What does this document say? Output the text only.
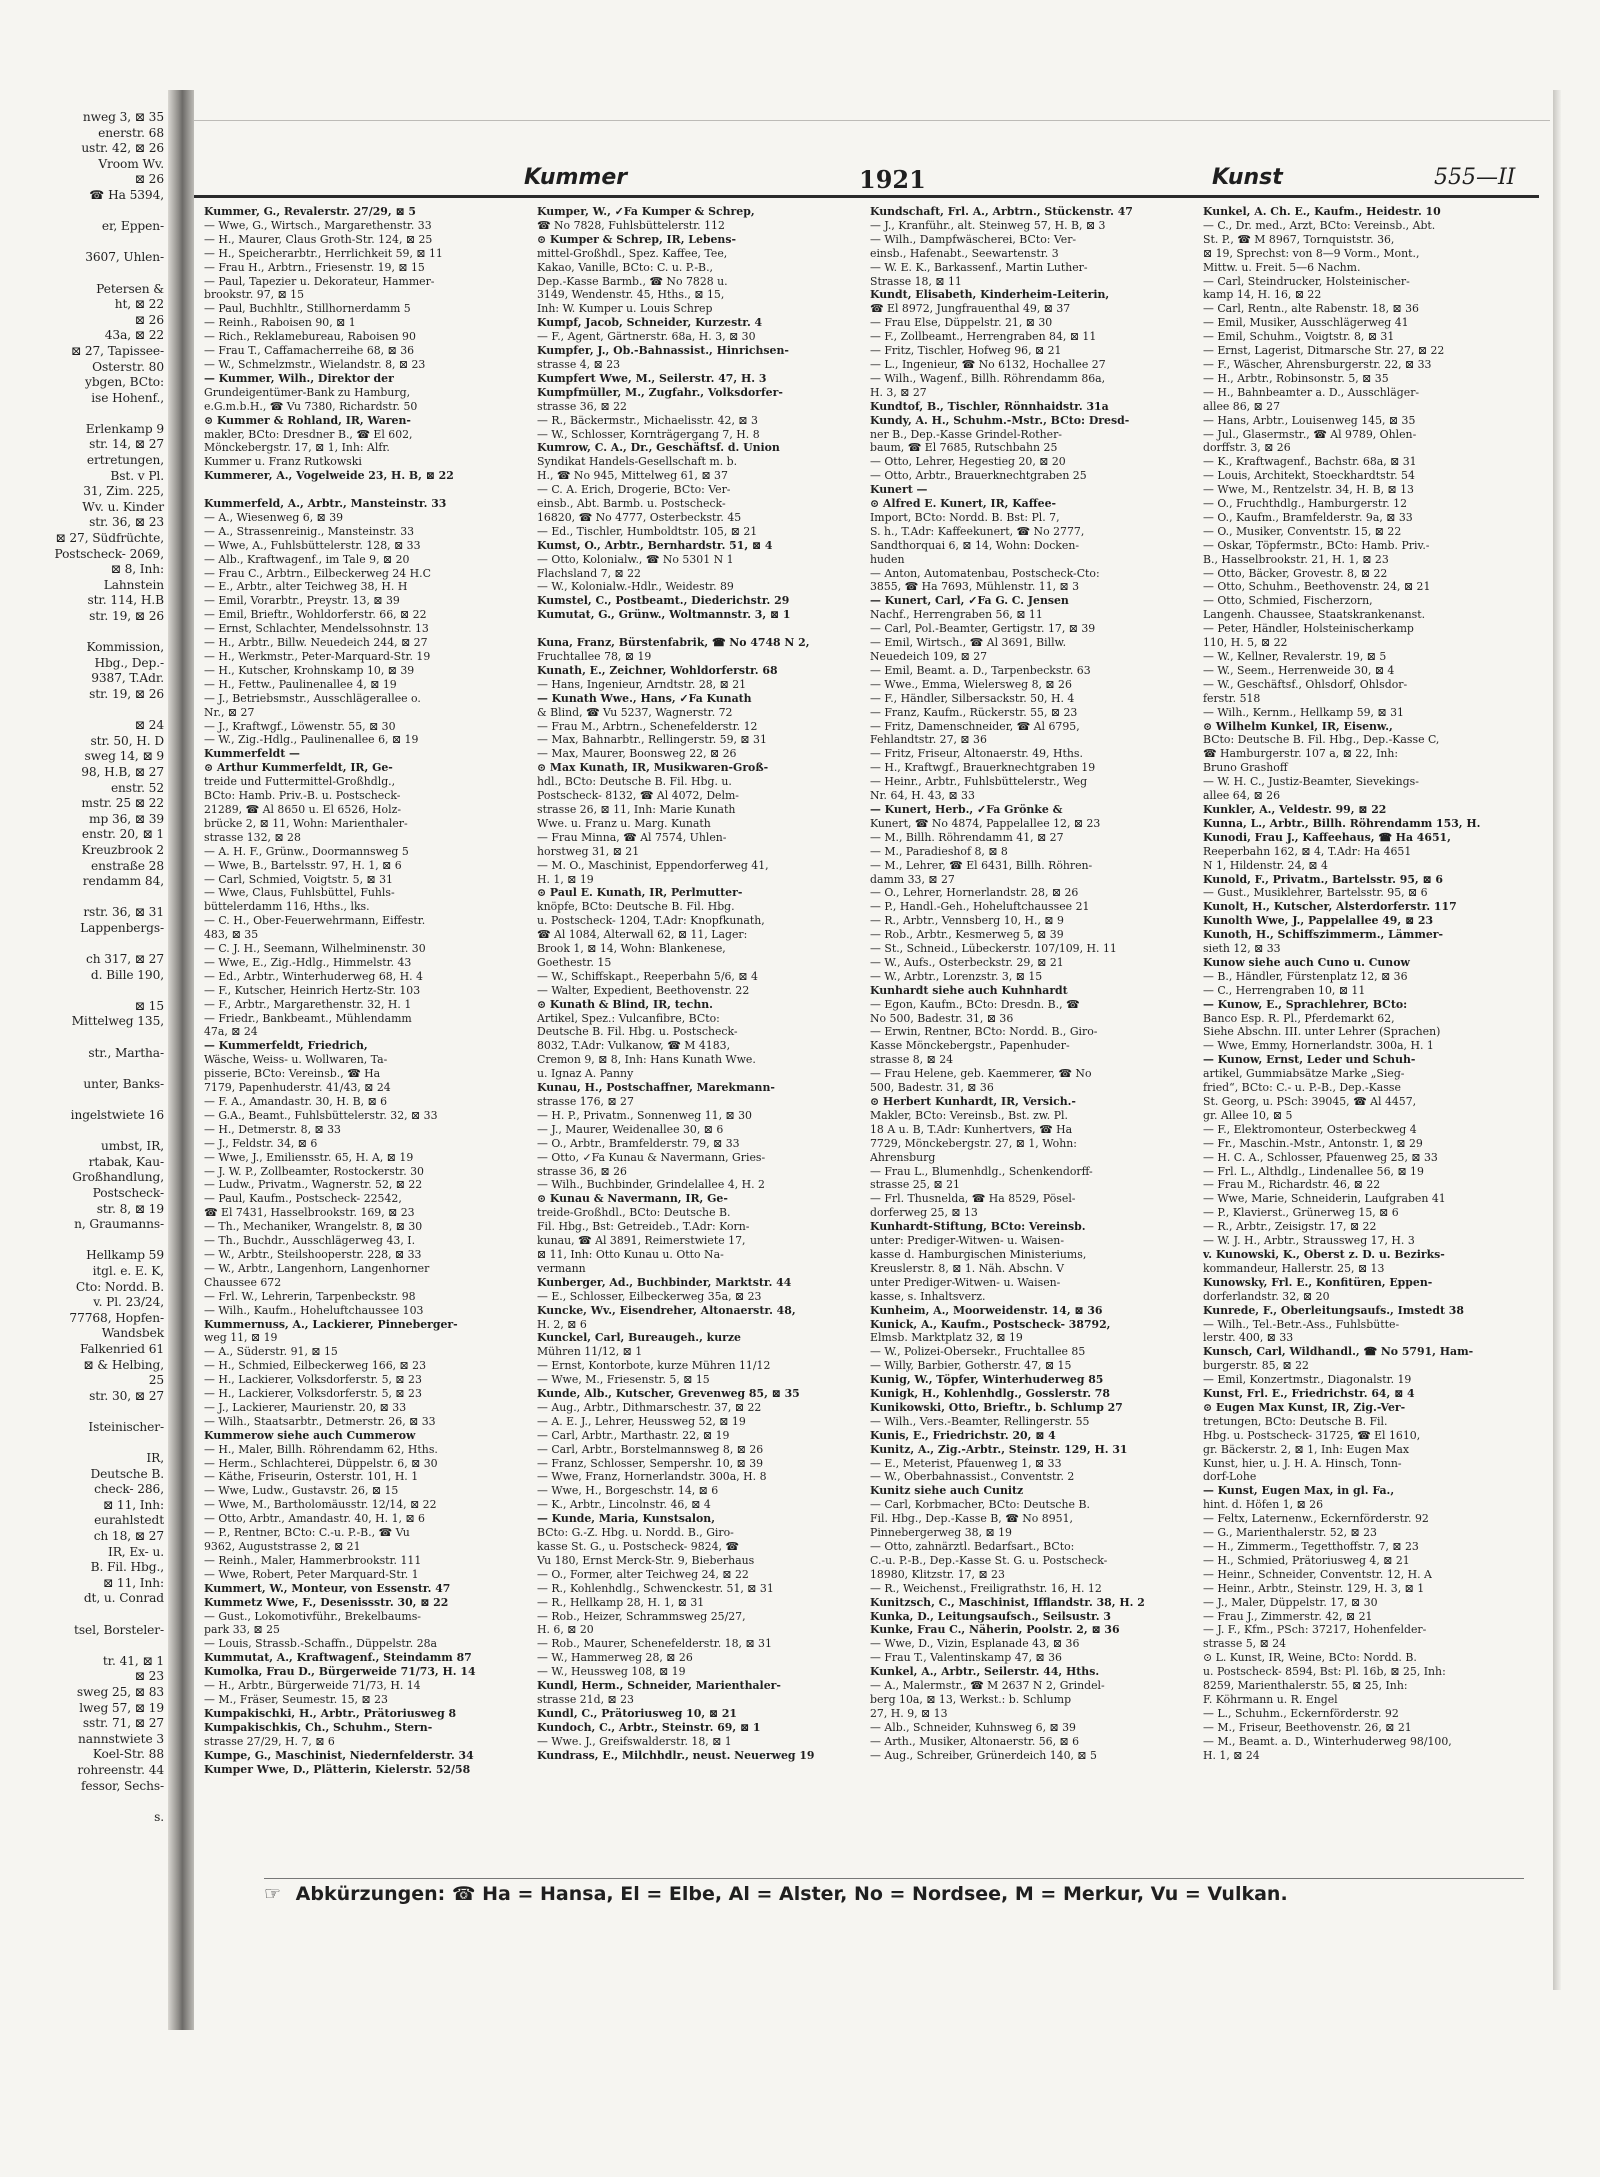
nweg 3, ⊠ 35
enerstr. 68
ustr. 42, ⊠ 26
Vroom Wv.
⊠ 26
☎ Ha 5394,

er, Eppen-

3607, Uhlen-

Petersen &
ht, ⊠ 22
⊠ 26
43a, ⊠ 22
⊠ 27, Tapissee-
Osterstr. 80
ybgen, BCto:
ise Hohenf.,

Erlenkamp 9
str. 14, ⊠ 27
ertretungen,
Bst. v Pl.
31, Zim. 225,
Wv. u. Kinder
str. 36, ⊠ 23
⊠ 27, Südfrüchte,
Postscheck- 2069,
⊠ 8, Inh:
Lahnstein
str. 114, H.B
str. 19, ⊠ 26

Kommission,
Hbg., Dep.-
9387, T.Adr.
str. 19, ⊠ 26

⊠ 24
str. 50, H. D
sweg 14, ⊠ 9
98, H.B, ⊠ 27
enstr. 52
mstr. 25 ⊠ 22
mp 36, ⊠ 39
enstr. 20, ⊠ 1
Kreuzbrook 2
enstraße 28
rendamm 84,

rstr. 36, ⊠ 31
Lappenbergs-

ch 317, ⊠ 27
d. Bille 190,

⊠ 15
Mittelweg 135,

str., Martha-

unter, Banks-

ingelstwiete 16

umbst, IR,
rtabak, Kau-
Großhandlung,
Postscheck-
str. 8, ⊠ 19
n, Graumanns-

Hellkamp 59
itgl. e. E. K,
Cto: Nordd. B.
v. Pl. 23/24,
77768, Hopfen-
Wandsbek
Falkenried 61
⊠ & Helbing,
25
str. 30, ⊠ 27

Isteinischer-

IR,
Deutsche B.
check- 286,
⊠ 11, Inh:
eurahlstedt
ch 18, ⊠ 27
IR, Ex- u.
B. Fil. Hbg.,
⊠ 11, Inh:
dt, u. Conrad

tsel, Borsteler-

tr. 41, ⊠ 1
⊠ 23
sweg 25, ⊠ 83
lweg 57, ⊠ 19
sstr. 71, ⊠ 27
nannstwiete 3
Koel-Str. 88
rohreenstr. 44
fessor, Sechs-

s.
Kummer	1921	Kunst	555—II
Kummer, G., Revalerstr. 27/29, ⊠ 5
— Wwe, G., Wirtsch., Margarethenstr. 33
— H., Maurer, Claus Groth-Str. 124, ⊠ 25
— H., Speicherarbtr., Herrlichkeit 59, ⊠ 11
— Frau H., Arbtrn., Friesenstr. 19, ⊠ 15
— Paul, Tapezier u. Dekorateur, Hammer-
brookstr. 97, ⊠ 15
— Paul, Buchhltr., Stillhornerdamm 5
— Reinh., Raboisen 90, ⊠ 1
— Rich., Reklamebureau, Raboisen 90
— Frau T., Caffamacherreihe 68, ⊠ 36
— W., Schmelzmstr., Wielandstr. 8, ⊠ 23
— Kummer, Wilh., Direktor der
Grundeigentümer-Bank zu Hamburg,
e.G.m.b.H., ☎ Vu 7380, Richardstr. 50
⊙ Kummer & Rohland, IR, Waren-
makler, BCto: Dresdner B., ☎ El 602,
Mönckebergstr. 17, ⊠ 1, Inh: Alfr.
Kummer u. Franz Rutkowski
Kummerer, A., Vogelweide 23, H. B, ⊠ 22

Kummerfeld, A., Arbtr., Mansteinstr. 33
— A., Wiesenweg 6, ⊠ 39
— A., Strassenreinig., Mansteinstr. 33
— Wwe, A., Fuhlsbüttelerstr. 128, ⊠ 33
— Alb., Kraftwagenf., im Tale 9, ⊠ 20
— Frau C., Arbtrn., Eilbeckerweg 24 H.C
— E., Arbtr., alter Teichweg 38, H. H
— Emil, Vorarbtr., Preystr. 13, ⊠ 39
— Emil, Brieftr., Wohldorferstr. 66, ⊠ 22
— Ernst, Schlachter, Mendelssohnstr. 13
— H., Arbtr., Billw. Neuedeich 244, ⊠ 27
— H., Werkmstr., Peter-Marquard-Str. 19
— H., Kutscher, Krohnskamp 10, ⊠ 39
— H., Fettw., Paulinenallee 4, ⊠ 19
— J., Betriebsmstr., Ausschlägerallee o.
Nr., ⊠ 27
— J., Kraftwgf., Löwenstr. 55, ⊠ 30
— W., Zig.-Hdlg., Paulinenallee 6, ⊠ 19
Kummerfeldt —
⊙ Arthur Kummerfeldt, IR, Ge-
treide und Futtermittel-Großhdlg.,
BCto: Hamb. Priv.-B. u. Postscheck-
21289, ☎ Al 8650 u. El 6526, Holz-
brücke 2, ⊠ 11, Wohn: Marienthaler-
strasse 132, ⊠ 28
— A. H. F., Grünw., Doormannsweg 5
— Wwe, B., Bartelsstr. 97, H. 1, ⊠ 6
— Carl, Schmied, Voigtstr. 5, ⊠ 31
— Wwe, Claus, Fuhlsbüttel, Fuhls-
büttelerdamm 116, Hths., lks.
— C. H., Ober-Feuerwehrmann, Eiffestr.
483, ⊠ 35
— C. J. H., Seemann, Wilhelminenstr. 30
— Wwe, E., Zig.-Hdlg., Himmelstr. 43
— Ed., Arbtr., Winterhuderweg 68, H. 4
— F., Kutscher, Heinrich Hertz-Str. 103
— F., Arbtr., Margarethenstr. 32, H. 1
— Friedr., Bankbeamt., Mühlendamm
47a, ⊠ 24
— Kummerfeldt, Friedrich,
Wäsche, Weiss- u. Wollwaren, Ta-
pisserie, BCto: Vereinsb., ☎ Ha
7179, Papenhuderstr. 41/43, ⊠ 24
— F. A., Amandastr. 30, H. B, ⊠ 6
— G.A., Beamt., Fuhlsbüttelerstr. 32, ⊠ 33
— H., Detmerstr. 8, ⊠ 33
— J., Feldstr. 34, ⊠ 6
— Wwe, J., Emiliensstr. 65, H. A, ⊠ 19
— J. W. P., Zollbeamter, Rostockerstr. 30
— Ludw., Privatm., Wagnerstr. 52, ⊠ 22
— Paul, Kaufm., Postscheck- 22542,
☎ El 7431, Hasselbrookstr. 169, ⊠ 23
— Th., Mechaniker, Wrangelstr. 8, ⊠ 30
— Th., Buchdr., Ausschlägerweg 43, I.
— W., Arbtr., Steilshooperstr. 228, ⊠ 33
— W., Arbtr., Langenhorn, Langenhorner
Chaussee 672
— Frl. W., Lehrerin, Tarpenbeckstr. 98
— Wilh., Kaufm., Hoheluftchaussee 103
Kummernuss, A., Lackierer, Pinneberger-
weg 11, ⊠ 19
— A., Süderstr. 91, ⊠ 15
— H., Schmied, Eilbeckerweg 166, ⊠ 23
— H., Lackierer, Volksdorferstr. 5, ⊠ 23
— H., Lackierer, Volksdorferstr. 5, ⊠ 23
— J., Lackierer, Maurienstr. 20, ⊠ 33
— Wilh., Staatsarbtr., Detmerstr. 26, ⊠ 33
Kummerow siehe auch Cummerow
— H., Maler, Billh. Röhrendamm 62, Hths.
— Herm., Schlachterei, Düppelstr. 6, ⊠ 30
— Käthe, Friseurin, Osterstr. 101, H. 1
— Wwe, Ludw., Gustavstr. 26, ⊠ 15
— Wwe, M., Bartholomäusstr. 12/14, ⊠ 22
— Otto, Arbtr., Amandastr. 40, H. 1, ⊠ 6
— P., Rentner, BCto: C.-u. P.-B., ☎ Vu
9362, Auguststrasse 2, ⊠ 21
— Reinh., Maler, Hammerbrookstr. 111
— Wwe, Robert, Peter Marquard-Str. 1
Kummert, W., Monteur, von Essenstr. 47
Kummetz Wwe, F., Desenissstr. 30, ⊠ 22
— Gust., Lokomotivführ., Brekelbaums-
park 33, ⊠ 25
— Louis, Strassb.-Schaffn., Düppelstr. 28a
Kummutat, A., Kraftwagenf., Steindamm 87
Kumolka, Frau D., Bürgerweide 71/73, H. 14
— H., Arbtr., Bürgerweide 71/73, H. 14
— M., Fräser, Seumestr. 15, ⊠ 23
Kumpakischki, H., Arbtr., Prätoriusweg 8
Kumpakischkis, Ch., Schuhm., Stern-
strasse 27/29, H. 7, ⊠ 6
Kumpe, G., Maschinist, Niedernfelderstr. 34
Kumper Wwe, D., Plätterin, Kielerstr. 52/58
Kumper, W., ✓Fa Kumper & Schrep,
☎ No 7828, Fuhlsbüttelerstr. 112
⊙ Kumper & Schrep, IR, Lebens-
mittel-Großhdl., Spez. Kaffee, Tee,
Kakao, Vanille, BCto: C. u. P.-B.,
Dep.-Kasse Barmb., ☎ No 7828 u.
3149, Wendenstr. 45, Hths., ⊠ 15,
Inh: W. Kumper u. Louis Schrep
Kumpf, Jacob, Schneider, Kurzestr. 4
— F., Agent, Gärtnerstr. 68a, H. 3, ⊠ 30
Kumpfer, J., Ob.-Bahnassist., Hinrichsen-
strasse 4, ⊠ 23
Kumpfert Wwe, M., Seilerstr. 47, H. 3
Kumpfmüller, M., Zugfahr., Volksdorfer-
strasse 36, ⊠ 22
— R., Bäckermstr., Michaelisstr. 42, ⊠ 3
— W., Schlosser, Kornträgergang 7, H. 8
Kumrow, C. A., Dr., Geschäftsf. d. Union
Syndikat Handels-Gesellschaft m. b.
H., ☎ No 945, Mittelweg 61, ⊠ 37
— C. A. Erich, Drogerie, BCto: Ver-
einsb., Abt. Barmb. u. Postscheck-
16820, ☎ No 4777, Osterbeckstr. 45
— Ed., Tischler, Humboldtstr. 105, ⊠ 21
Kumst, O., Arbtr., Bernhardstr. 51, ⊠ 4
— Otto, Kolonialw., ☎ No 5301 N 1
Flachsland 7, ⊠ 22
— W., Kolonialw.-Hdlr., Weidestr. 89
Kumstel, C., Postbeamt., Diederichstr. 29
Kumutat, G., Grünw., Woltmannstr. 3, ⊠ 1

Kuna, Franz, Bürstenfabrik, ☎ No 4748 N 2,
Fruchtallee 78, ⊠ 19
Kunath, E., Zeichner, Wohldorferstr. 68
— Hans, Ingenieur, Arndtstr. 28, ⊠ 21
— Kunath Wwe., Hans, ✓Fa Kunath
& Blind, ☎ Vu 5237, Wagnerstr. 72
— Frau M., Arbtrn., Schenefelderstr. 12
— Max, Bahnarbtr., Rellingerstr. 59, ⊠ 31
— Max, Maurer, Boonsweg 22, ⊠ 26
⊙ Max Kunath, IR, Musikwaren-Groß-
hdl., BCto: Deutsche B. Fil. Hbg. u.
Postscheck- 8132, ☎ Al 4072, Delm-
strasse 26, ⊠ 11, Inh: Marie Kunath
Wwe. u. Franz u. Marg. Kunath
— Frau Minna, ☎ Al 7574, Uhlen-
horstweg 31, ⊠ 21
— M. O., Maschinist, Eppendorferweg 41,
H. 1, ⊠ 19
⊙ Paul E. Kunath, IR, Perlmutter-
knöpfe, BCto: Deutsche B. Fil. Hbg.
u. Postscheck- 1204, T.Adr: Knopfkunath,
☎ Al 1084, Alterwall 62, ⊠ 11, Lager:
Brook 1, ⊠ 14, Wohn: Blankenese,
Goethestr. 15
— W., Schiffskapt., Reeperbahn 5/6, ⊠ 4
— Walter, Expedient, Beethovenstr. 22
⊙ Kunath & Blind, IR, techn.
Artikel, Spez.: Vulcanfibre, BCto:
Deutsche B. Fil. Hbg. u. Postscheck-
8032, T.Adr: Vulkanow, ☎ M 4183,
Cremon 9, ⊠ 8, Inh: Hans Kunath Wwe.
u. Ignaz A. Panny
Kunau, H., Postschaffner, Marekmann-
strasse 176, ⊠ 27
— H. P., Privatm., Sonnenweg 11, ⊠ 30
— J., Maurer, Weidenallee 30, ⊠ 6
— O., Arbtr., Bramfelderstr. 79, ⊠ 33
— Otto, ✓Fa Kunau & Navermann, Gries-
strasse 36, ⊠ 26
— Wilh., Buchbinder, Grindelallee 4, H. 2
⊙ Kunau & Navermann, IR, Ge-
treide-Großhdl., BCto: Deutsche B.
Fil. Hbg., Bst: Getreideb., T.Adr: Korn-
kunau, ☎ Al 3891, Reimerstwiete 17,
⊠ 11, Inh: Otto Kunau u. Otto Na-
vermann
Kunberger, Ad., Buchbinder, Marktstr. 44
— E., Schlosser, Eilbeckerweg 35a, ⊠ 23
Kuncke, Wv., Eisendreher, Altonaerstr. 48,
H. 2, ⊠ 6
Kunckel, Carl, Bureaugeh., kurze
Mühren 11/12, ⊠ 1
— Ernst, Kontorbote, kurze Mühren 11/12
— Wwe, M., Friesenstr. 5, ⊠ 15
Kunde, Alb., Kutscher, Grevenweg 85, ⊠ 35
— Aug., Arbtr., Dithmarschestr. 37, ⊠ 22
— A. E. J., Lehrer, Heussweg 52, ⊠ 19
— Carl, Arbtr., Marthastr. 22, ⊠ 19
— Carl, Arbtr., Borstelmannsweg 8, ⊠ 26
— Franz, Schlosser, Sempershr. 10, ⊠ 39
— Wwe, Franz, Hornerlandstr. 300a, H. 8
— Wwe, H., Borgeschstr. 14, ⊠ 6
— K., Arbtr., Lincolnstr. 46, ⊠ 4
— Kunde, Maria, Kunstsalon,
BCto: G.-Z. Hbg. u. Nordd. B., Giro-
kasse St. G., u. Postscheck- 9824, ☎
Vu 180, Ernst Merck-Str. 9, Bieberhaus
— O., Former, alter Teichweg 24, ⊠ 22
— R., Kohlenhdlg., Schwenckestr. 51, ⊠ 31
— R., Hellkamp 28, H. 1, ⊠ 31
— Rob., Heizer, Schrammsweg 25/27,
H. 6, ⊠ 20
— Rob., Maurer, Schenefelderstr. 18, ⊠ 31
— W., Hammerweg 28, ⊠ 26
— W., Heussweg 108, ⊠ 19
Kundl, Herm., Schneider, Marienthaler-
strasse 21d, ⊠ 23
Kundl, C., Prätoriusweg 10, ⊠ 21
Kundoch, C., Arbtr., Steinstr. 69, ⊠ 1
— Wwe. J., Greifswalderstr. 18, ⊠ 1
Kundrass, E., Milchhdlr., neust. Neuerweg 19
Kundschaft, Frl. A., Arbtrn., Stückenstr. 47
— J., Kranführ., alt. Steinweg 57, H. B, ⊠ 3
— Wilh., Dampfwäscherei, BCto: Ver-
einsb., Hafenabt., Seewartenstr. 3
— W. E. K., Barkassenf., Martin Luther-
Strasse 18, ⊠ 11
Kundt, Elisabeth, Kinderheim-Leiterin,
☎ El 8972, Jungfrauenthal 49, ⊠ 37
— Frau Else, Düppelstr. 21, ⊠ 30
— F., Zollbeamt., Herrengraben 84, ⊠ 11
— Fritz, Tischler, Hofweg 96, ⊠ 21
— L., Ingenieur, ☎ No 6132, Hochallee 27
— Wilh., Wagenf., Billh. Röhrendamm 86a,
H. 3, ⊠ 27
Kundtof, B., Tischler, Rönnhaidstr. 31a
Kundy, A. H., Schuhm.-Mstr., BCto: Dresd-
ner B., Dep.-Kasse Grindel-Rother-
baum, ☎ El 7685, Rutschbahn 25
— Otto, Lehrer, Hegestieg 20, ⊠ 20
— Otto, Arbtr., Brauerknechtgraben 25
Kunert —
⊙ Alfred E. Kunert, IR, Kaffee-
Import, BCto: Nordd. B. Bst: Pl. 7,
S. h., T.Adr: Kaffeekunert, ☎ No 2777,
Sandthorquai 6, ⊠ 14, Wohn: Docken-
huden
— Anton, Automatenbau, Postscheck-Cto:
3855, ☎ Ha 7693, Mühlenstr. 11, ⊠ 3
— Kunert, Carl, ✓Fa G. C. Jensen
Nachf., Herrengraben 56, ⊠ 11
— Carl, Pol.-Beamter, Gertigstr. 17, ⊠ 39
— Emil, Wirtsch., ☎ Al 3691, Billw.
Neuedeich 109, ⊠ 27
— Emil, Beamt. a. D., Tarpenbeckstr. 63
— Wwe., Emma, Wielersweg 8, ⊠ 26
— F., Händler, Silbersackstr. 50, H. 4
— Franz, Kaufm., Rückerstr. 55, ⊠ 23
— Fritz, Damenschneider, ☎ Al 6795,
Fehlandtstr. 27, ⊠ 36
— Fritz, Friseur, Altonaerstr. 49, Hths.
— H., Kraftwgf., Brauerknechtgraben 19
— Heinr., Arbtr., Fuhlsbüttelerstr., Weg
Nr. 64, H. 43, ⊠ 33
— Kunert, Herb., ✓Fa Grönke &
Kunert, ☎ No 4874, Pappelallee 12, ⊠ 23
— M., Billh. Röhrendamm 41, ⊠ 27
— M., Paradieshof 8, ⊠ 8
— M., Lehrer, ☎ El 6431, Billh. Röhren-
damm 33, ⊠ 27
— O., Lehrer, Hornerlandstr. 28, ⊠ 26
— P., Handl.-Geh., Hoheluftchaussee 21
— R., Arbtr., Vennsberg 10, H., ⊠ 9
— Rob., Arbtr., Kesmerweg 5, ⊠ 39
— St., Schneid., Lübeckerstr. 107/109, H. 11
— W., Aufs., Osterbeckstr. 29, ⊠ 21
— W., Arbtr., Lorenzstr. 3, ⊠ 15
Kunhardt siehe auch Kuhnhardt
— Egon, Kaufm., BCto: Dresdn. B., ☎
No 500, Badestr. 31, ⊠ 36
— Erwin, Rentner, BCto: Nordd. B., Giro-
Kasse Mönckebergstr., Papenhuder-
strasse 8, ⊠ 24
— Frau Helene, geb. Kaemmerer, ☎ No
500, Badestr. 31, ⊠ 36
⊙ Herbert Kunhardt, IR, Versich.-
Makler, BCto: Vereinsb., Bst. zw. Pl.
18 A u. B, T.Adr: Kunhertvers, ☎ Ha
7729, Mönckebergstr. 27, ⊠ 1, Wohn:
Ahrensburg
— Frau L., Blumenhdlg., Schenkendorff-
strasse 25, ⊠ 21
— Frl. Thusnelda, ☎ Ha 8529, Pösel-
dorferweg 25, ⊠ 13
Kunhardt-Stiftung, BCto: Vereinsb.
unter: Prediger-Witwen- u. Waisen-
kasse d. Hamburgischen Ministeriums,
Kreuslerstr. 8, ⊠ 1. Näh. Abschn. V
unter Prediger-Witwen- u. Waisen-
kasse, s. Inhaltsverz.
Kunheim, A., Moorweidenstr. 14, ⊠ 36
Kunick, A., Kaufm., Postscheck- 38792,
Elmsb. Marktplatz 32, ⊠ 19
— W., Polizei-Obersekr., Fruchtallee 85
— Willy, Barbier, Gotherstr. 47, ⊠ 15
Kunig, W., Töpfer, Winterhuderweg 85
Kunigk, H., Kohlenhdlg., Gosslerstr. 78
Kunikowski, Otto, Brieftr., b. Schlump 27
— Wilh., Vers.-Beamter, Rellingerstr. 55
Kunis, E., Friedrichstr. 20, ⊠ 4
Kunitz, A., Zig.-Arbtr., Steinstr. 129, H. 31
— E., Meterist, Pfauenweg 1, ⊠ 33
— W., Oberbahnassist., Conventstr. 2
Kunitz siehe auch Cunitz
— Carl, Korbmacher, BCto: Deutsche B.
Fil. Hbg., Dep.-Kasse B, ☎ No 8951,
Pinnebergerweg 38, ⊠ 19
— Otto, zahnärztl. Bedarfsart., BCto:
C.-u. P.-B., Dep.-Kasse St. G. u. Postscheck-
18980, Klitzstr. 17, ⊠ 23
— R., Weichenst., Freiligrathstr. 16, H. 12
Kunitzsch, C., Maschinist, Ifflandstr. 38, H. 2
Kunka, D., Leitungsaufsch., Seilsustr. 3
Kunke, Frau C., Näherin, Poolstr. 2, ⊠ 36
— Wwe, D., Vizin, Esplanade 43, ⊠ 36
— Frau T., Valentinskamp 47, ⊠ 36
Kunkel, A., Arbtr., Seilerstr. 44, Hths.
— A., Malermstr., ☎ M 2637 N 2, Grindel-
berg 10a, ⊠ 13, Werkst.: b. Schlump
27, H. 9, ⊠ 13
— Alb., Schneider, Kuhnsweg 6, ⊠ 39
— Arth., Musiker, Altonaerstr. 56, ⊠ 6
— Aug., Schreiber, Grünerdeich 140, ⊠ 5
Kunkel, A. Ch. E., Kaufm., Heidestr. 10
— C., Dr. med., Arzt, BCto: Vereinsb., Abt.
St. P., ☎ M 8967, Tornquiststr. 36,
⊠ 19, Sprechst: von 8—9 Vorm., Mont.,
Mittw. u. Freit. 5—6 Nachm.
— Carl, Steindrucker, Holsteinischer-
kamp 14, H. 16, ⊠ 22
— Carl, Rentn., alte Rabenstr. 18, ⊠ 36
— Emil, Musiker, Ausschlägerweg 41
— Emil, Schuhm., Voigtstr. 8, ⊠ 31
— Ernst, Lagerist, Ditmarsche Str. 27, ⊠ 22
— F., Wäscher, Ahrensburgerstr. 22, ⊠ 33
— H., Arbtr., Robinsonstr. 5, ⊠ 35
— H., Bahnbeamter a. D., Ausschläger-
allee 86, ⊠ 27
— Hans, Arbtr., Louisenweg 145, ⊠ 35
— Jul., Glasermstr., ☎ Al 9789, Ohlen-
dorffstr. 3, ⊠ 26
— K., Kraftwagenf., Bachstr. 68a, ⊠ 31
— Louis, Architekt, Stoeckhardtstr. 54
— Wwe, M., Rentzelstr. 34, H. B, ⊠ 13
— O., Fruchthdlg., Hamburgerstr. 12
— O., Kaufm., Bramfelderstr. 9a, ⊠ 33
— O., Musiker, Conventstr. 15, ⊠ 22
— Oskar, Töpfermstr., BCto: Hamb. Priv.-
B., Hasselbrookstr. 21, H. 1, ⊠ 23
— Otto, Bäcker, Grovestr. 8, ⊠ 22
— Otto, Schuhm., Beethovenstr. 24, ⊠ 21
— Otto, Schmied, Fischerzorn,
Langenh. Chaussee, Staatskrankenanst.
— Peter, Händler, Holsteinischerkamp
110, H. 5, ⊠ 22
— W., Kellner, Revalerstr. 19, ⊠ 5
— W., Seem., Herrenweide 30, ⊠ 4
— W., Geschäftsf., Ohlsdorf, Ohlsdor-
ferstr. 518
— Wilh., Kernm., Hellkamp 59, ⊠ 31
⊙ Wilhelm Kunkel, IR, Eisenw.,
BCto: Deutsche B. Fil. Hbg., Dep.-Kasse C,
☎ Hamburgerstr. 107 a, ⊠ 22, Inh:
Bruno Grashoff
— W. H. C., Justiz-Beamter, Sievekings-
allee 64, ⊠ 26
Kunkler, A., Veldestr. 99, ⊠ 22
Kunna, L., Arbtr., Billh. Röhrendamm 153, H.
Kunodi, Frau J., Kaffeehaus, ☎ Ha 4651,
Reeperbahn 162, ⊠ 4, T.Adr: Ha 4651
N 1, Hildenstr. 24, ⊠ 4
Kunold, F., Privatm., Bartelsstr. 95, ⊠ 6
— Gust., Musiklehrer, Bartelsstr. 95, ⊠ 6
Kunolt, H., Kutscher, Alsterdorferstr. 117
Kunolth Wwe, J., Pappelallee 49, ⊠ 23
Kunoth, H., Schiffszimmerm., Lämmer-
sieth 12, ⊠ 33
Kunow siehe auch Cuno u. Cunow
— B., Händler, Fürstenplatz 12, ⊠ 36
— C., Herrengraben 10, ⊠ 11
— Kunow, E., Sprachlehrer, BCto:
Banco Esp. R. Pl., Pferdemarkt 62,
Siehe Abschn. III. unter Lehrer (Sprachen)
— Wwe, Emmy, Hornerlandstr. 300a, H. 1
— Kunow, Ernst, Leder und Schuh-
artikel, Gummiabsätze Marke „Sieg-
fried“, BCto: C.- u. P.-B., Dep.-Kasse
St. Georg, u. PSch: 39045, ☎ Al 4457,
gr. Allee 10, ⊠ 5
— F., Elektromonteur, Osterbeckweg 4
— Fr., Maschin.-Mstr., Antonstr. 1, ⊠ 29
— H. C. A., Schlosser, Pfauenweg 25, ⊠ 33
— Frl. L., Althdlg., Lindenallee 56, ⊠ 19
— Frau M., Richardstr. 46, ⊠ 22
— Wwe, Marie, Schneiderin, Laufgraben 41
— P., Klavierst., Grünerweg 15, ⊠ 6
— R., Arbtr., Zeisigstr. 17, ⊠ 22
— W. J. H., Arbtr., Straussweg 17, H. 3
v. Kunowski, K., Oberst z. D. u. Bezirks-
kommandeur, Hallerstr. 25, ⊠ 13
Kunowsky, Frl. E., Konfitüren, Eppen-
dorferlandstr. 32, ⊠ 20
Kunrede, F., Oberleitungsaufs., Imstedt 38
— Wilh., Tel.-Betr.-Ass., Fuhlsbütte-
lerstr. 400, ⊠ 33
Kunsch, Carl, Wildhandl., ☎ No 5791, Ham-
burgerstr. 85, ⊠ 22
— Emil, Konzertmstr., Diagonalstr. 19
Kunst, Frl. E., Friedrichstr. 64, ⊠ 4
⊙ Eugen Max Kunst, IR, Zig.-Ver-
tretungen, BCto: Deutsche B. Fil.
Hbg. u. Postscheck- 31725, ☎ El 1610,
gr. Bäckerstr. 2, ⊠ 1, Inh: Eugen Max
Kunst, hier, u. J. H. A. Hinsch, Tonn-
dorf-Lohe
— Kunst, Eugen Max, in gl. Fa.,
hint. d. Höfen 1, ⊠ 26
— Feltx, Laternenw., Eckernförderstr. 92
— G., Marienthalerstr. 52, ⊠ 23
— H., Zimmerm., Tegetthoffstr. 7, ⊠ 23
— H., Schmied, Prätoriusweg 4, ⊠ 21
— Heinr., Schneider, Conventstr. 12, H. A
— Heinr., Arbtr., Steinstr. 129, H. 3, ⊠ 1
— J., Maler, Düppelstr. 17, ⊠ 30
— Frau J., Zimmerstr. 42, ⊠ 21
— J. F., Kfm., PSch: 37217, Hohenfelder-
strasse 5, ⊠ 24
⊙ L. Kunst, IR, Weine, BCto: Nordd. B.
u. Postscheck- 8594, Bst: Pl. 16b, ⊠ 25, Inh:
8259, Marienthalerstr. 55, ⊠ 25, Inh:
F. Köhrmann u. R. Engel
— L., Schuhm., Eckernförderstr. 92
— M., Friseur, Beethovenstr. 26, ⊠ 21
— M., Beamt. a. D., Winterhuderweg 98/100,
H. 1, ⊠ 24
☞ Abkürzungen: ☎ Ha = Hansa, El = Elbe, Al = Alster, No = Nordsee, M = Merkur, Vu = Vulkan.
